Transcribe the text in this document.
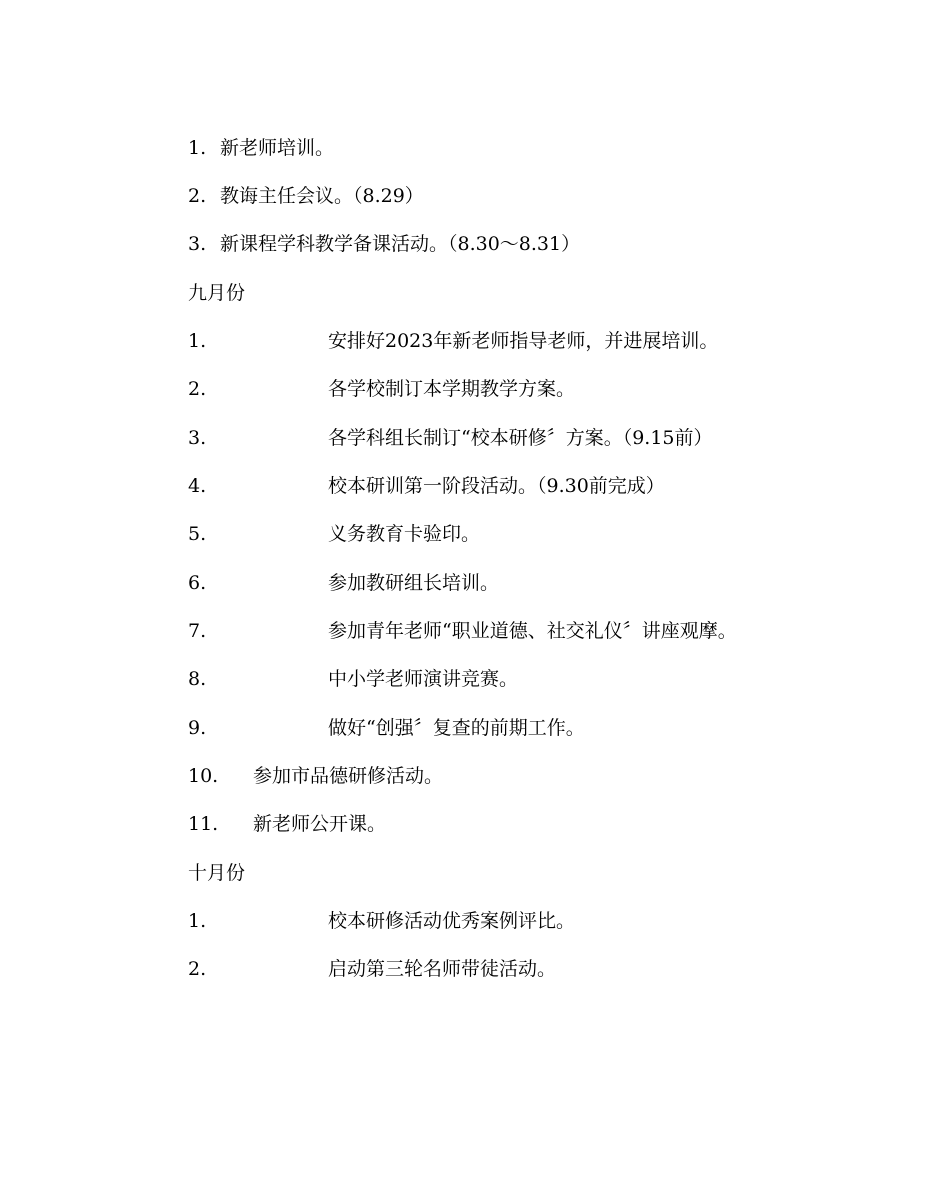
1. 新老师培训。
2. 教诲主任会议。（8.29）
3. 新课程学科教学备课活动。（8.30～8.31）
九月份
1.	安排好2023年新老师指导老师，并进展培训。
2.	各学校制订本学期教学方案。
3.	各学科组长制订“校本研修〞方案。（9.15前）
4.	校本研训第一阶段活动。（9.30前完成）
5.	义务教育卡验印。
6.	参加教研组长培训。
7.	参加青年老师“职业道德、社交礼仪〞讲座观摩。
8.	中小学老师演讲竞赛。
9.	做好“创强〞复查的前期工作。
10. 参加市品德研修活动。
11. 新老师公开课。
十月份
1.	校本研修活动优秀案例评比。
2.	启动第三轮名师带徒活动。
